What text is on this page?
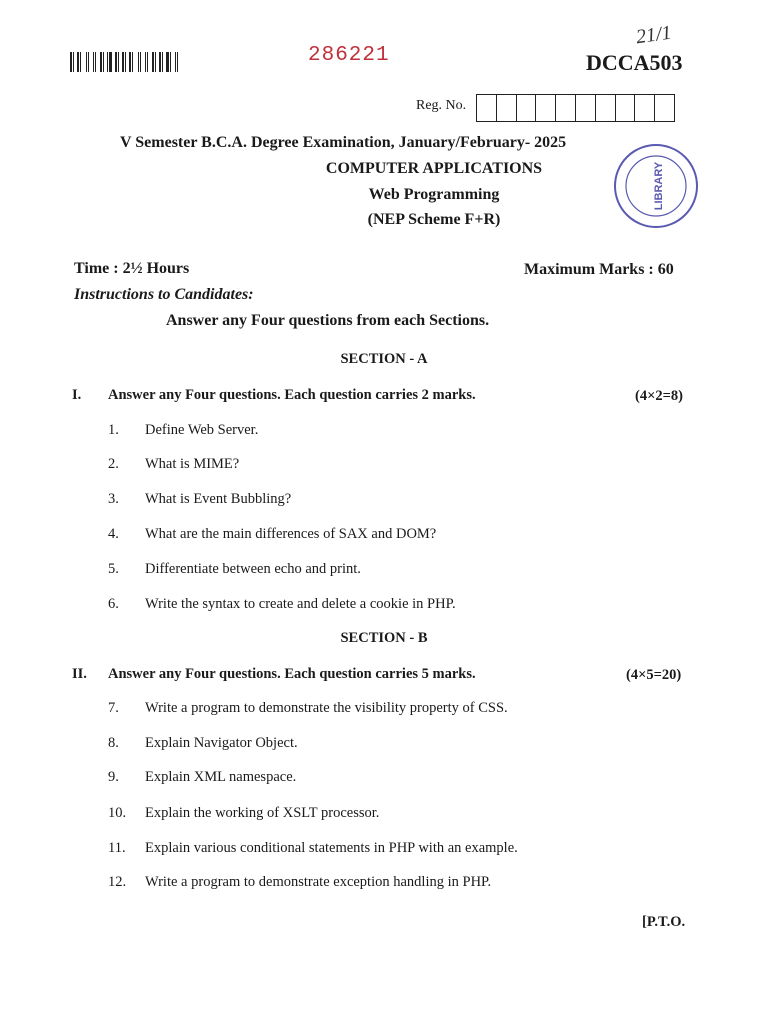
286221
21/1
DCCA503
Reg. No.
V Semester B.C.A. Degree Examination, January/February- 2025
COMPUTER APPLICATIONS
Web Programming
(NEP Scheme F+R)
LIBRARY
Time : 2½ Hours	Maximum Marks : 60
Instructions to Candidates:
Answer any Four questions from each Sections.
SECTION - A
I. Answer any Four questions. Each question carries 2 marks.	(4×2=8)
1.	Define Web Server.
2.	What is MIME?
3.	What is Event Bubbling?
4.	What are the main differences of SAX and DOM?
5.	Differentiate between echo and print.
6.	Write the syntax to create and delete a cookie in PHP.
SECTION - B
II. Answer any Four questions. Each question carries 5 marks.	(4×5=20)
7.	Write a program to demonstrate the visibility property of CSS.
8.	Explain Navigator Object.
9.	Explain XML namespace.
10.	Explain the working of XSLT processor.
11.	Explain various conditional statements in PHP with an example.
12.	Write a program to demonstrate exception handling in PHP.
[P.T.O.
